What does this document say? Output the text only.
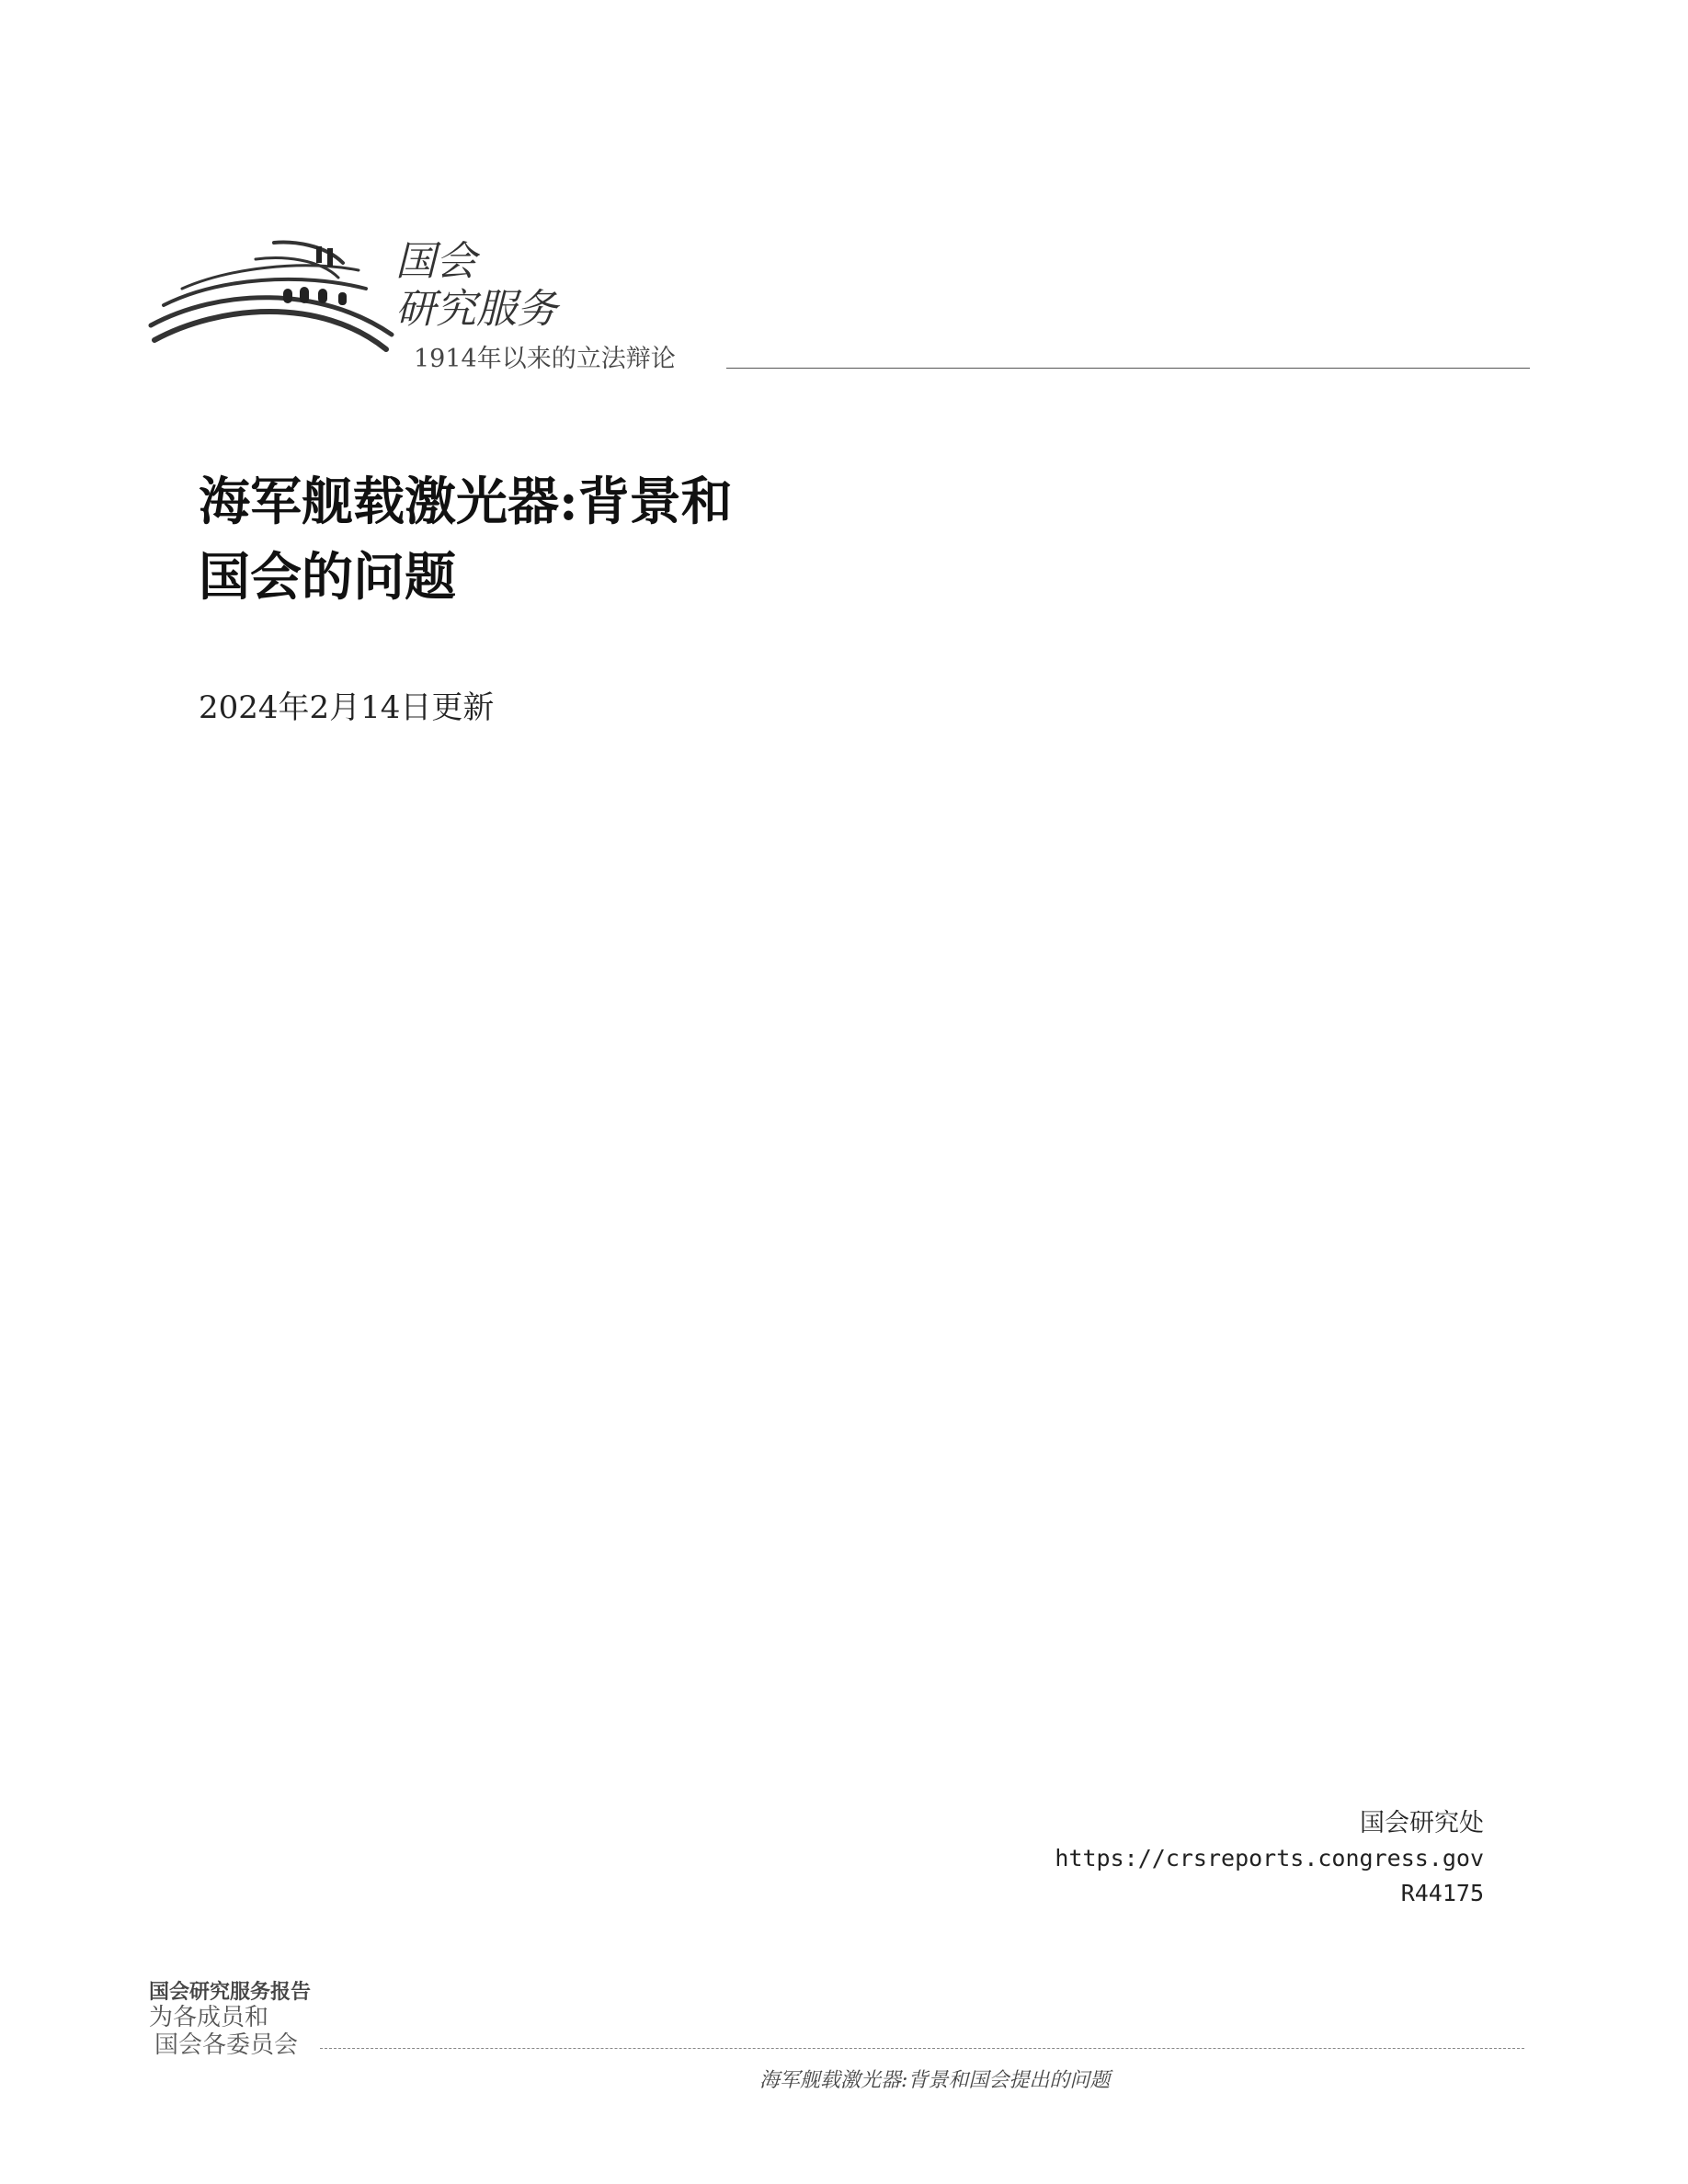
国会
研究服务
1914年以来的立法辩论
海军舰载激光器:背景和
国会的问题
2024年2月14日更新
国会研究处
https://crsreports.congress.gov
R44175
国会研究服务报告
为各成员和
国会各委员会
海军舰载激光器:背景和国会提出的问题
